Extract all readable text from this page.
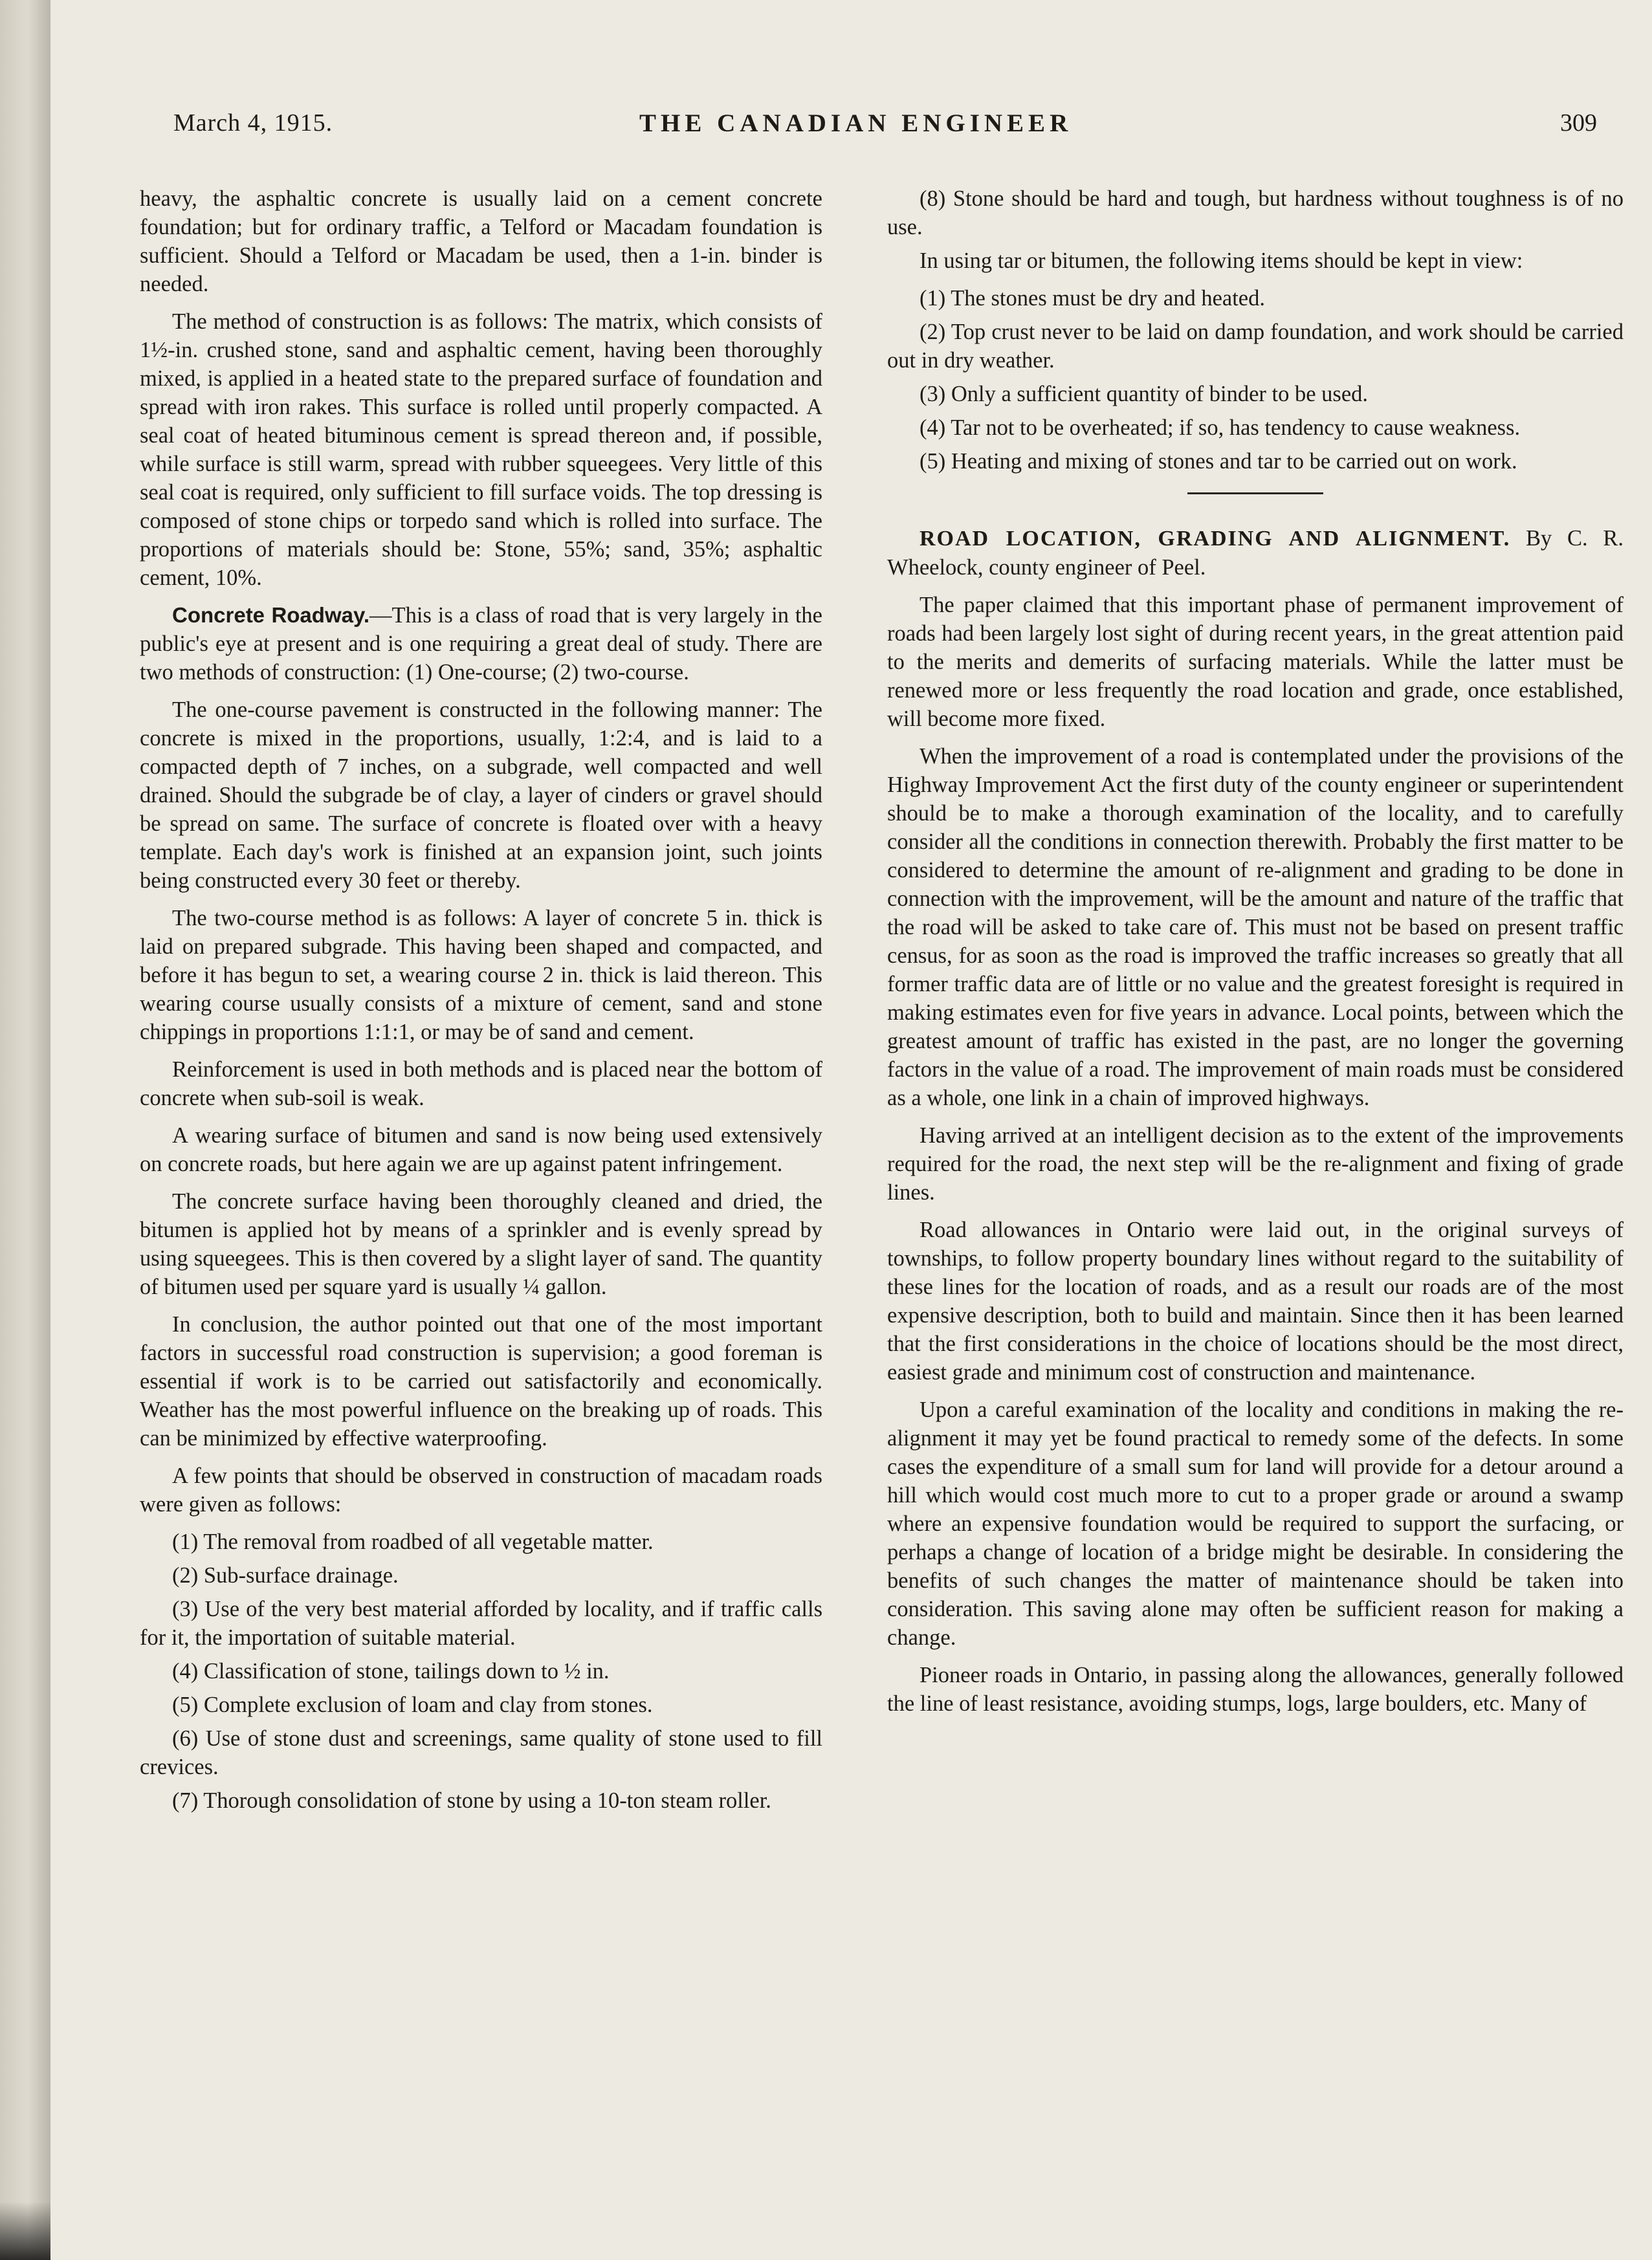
March 4, 1915.	THE CANADIAN ENGINEER	309

heavy, the asphaltic concrete is usually laid on a cement concrete foundation; but for ordinary traffic, a Telford or Macadam foundation is sufficient. Should a Telford or Macadam be used, then a 1-in. binder is needed.

The method of construction is as follows: The matrix, which consists of 1½-in. crushed stone, sand and asphaltic cement, having been thoroughly mixed, is applied in a heated state to the prepared surface of foundation and spread with iron rakes. This surface is rolled until properly compacted. A seal coat of heated bituminous cement is spread thereon and, if possible, while surface is still warm, spread with rubber squeegees. Very little of this seal coat is required, only sufficient to fill surface voids. The top dressing is composed of stone chips or torpedo sand which is rolled into surface. The proportions of materials should be: Stone, 55%; sand, 35%; asphaltic cement, 10%.

Concrete Roadway.—This is a class of road that is very largely in the public's eye at present and is one requiring a great deal of study. There are two methods of construction: (1) One-course; (2) two-course.

The one-course pavement is constructed in the following manner: The concrete is mixed in the proportions, usually, 1:2:4, and is laid to a compacted depth of 7 inches, on a subgrade, well compacted and well drained. Should the subgrade be of clay, a layer of cinders or gravel should be spread on same. The surface of concrete is floated over with a heavy template. Each day's work is finished at an expansion joint, such joints being constructed every 30 feet or thereby.

The two-course method is as follows: A layer of concrete 5 in. thick is laid on prepared subgrade. This having been shaped and compacted, and before it has begun to set, a wearing course 2 in. thick is laid thereon. This wearing course usually consists of a mixture of cement, sand and stone chippings in proportions 1:1:1, or may be of sand and cement.

Reinforcement is used in both methods and is placed near the bottom of concrete when sub-soil is weak.

A wearing surface of bitumen and sand is now being used extensively on concrete roads, but here again we are up against patent infringement.

The concrete surface having been thoroughly cleaned and dried, the bitumen is applied hot by means of a sprinkler and is evenly spread by using squeegees. This is then covered by a slight layer of sand. The quantity of bitumen used per square yard is usually ¼ gallon.

In conclusion, the author pointed out that one of the most important factors in successful road construction is supervision; a good foreman is essential if work is to be carried out satisfactorily and economically. Weather has the most powerful influence on the breaking up of roads. This can be minimized by effective waterproofing.

A few points that should be observed in construction of macadam roads were given as follows:

(1) The removal from roadbed of all vegetable matter.

(2) Sub-surface drainage.

(3) Use of the very best material afforded by locality, and if traffic calls for it, the importation of suitable material.

(4) Classification of stone, tailings down to ½ in.

(5) Complete exclusion of loam and clay from stones.

(6) Use of stone dust and screenings, same quality of stone used to fill crevices.

(7) Thorough consolidation of stone by using a 10-ton steam roller.

(8) Stone should be hard and tough, but hardness without toughness is of no use.

In using tar or bitumen, the following items should be kept in view:

(1) The stones must be dry and heated.

(2) Top crust never to be laid on damp foundation, and work should be carried out in dry weather.

(3) Only a sufficient quantity of binder to be used.

(4) Tar not to be overheated; if so, has tendency to cause weakness.

(5) Heating and mixing of stones and tar to be carried out on work.

ROAD LOCATION, GRADING AND ALIGNMENT. By C. R. Wheelock, county engineer of Peel.

The paper claimed that this important phase of permanent improvement of roads had been largely lost sight of during recent years, in the great attention paid to the merits and demerits of surfacing materials. While the latter must be renewed more or less frequently the road location and grade, once established, will become more fixed.

When the improvement of a road is contemplated under the provisions of the Highway Improvement Act the first duty of the county engineer or superintendent should be to make a thorough examination of the locality, and to carefully consider all the conditions in connection therewith. Probably the first matter to be considered to determine the amount of re-alignment and grading to be done in connection with the improvement, will be the amount and nature of the traffic that the road will be asked to take care of. This must not be based on present traffic census, for as soon as the road is improved the traffic increases so greatly that all former traffic data are of little or no value and the greatest foresight is required in making estimates even for five years in advance. Local points, between which the greatest amount of traffic has existed in the past, are no longer the governing factors in the value of a road. The improvement of main roads must be considered as a whole, one link in a chain of improved highways.

Having arrived at an intelligent decision as to the extent of the improvements required for the road, the next step will be the re-alignment and fixing of grade lines.

Road allowances in Ontario were laid out, in the original surveys of townships, to follow property boundary lines without regard to the suitability of these lines for the location of roads, and as a result our roads are of the most expensive description, both to build and maintain. Since then it has been learned that the first considerations in the choice of locations should be the most direct, easiest grade and minimum cost of construction and maintenance.

Upon a careful examination of the locality and conditions in making the re-alignment it may yet be found practical to remedy some of the defects. In some cases the expenditure of a small sum for land will provide for a detour around a hill which would cost much more to cut to a proper grade or around a swamp where an expensive foundation would be required to support the surfacing, or perhaps a change of location of a bridge might be desirable. In considering the benefits of such changes the matter of maintenance should be taken into consideration. This saving alone may often be sufficient reason for making a change.

Pioneer roads in Ontario, in passing along the allowances, generally followed the line of least resistance, avoiding stumps, logs, large boulders, etc. Many of
